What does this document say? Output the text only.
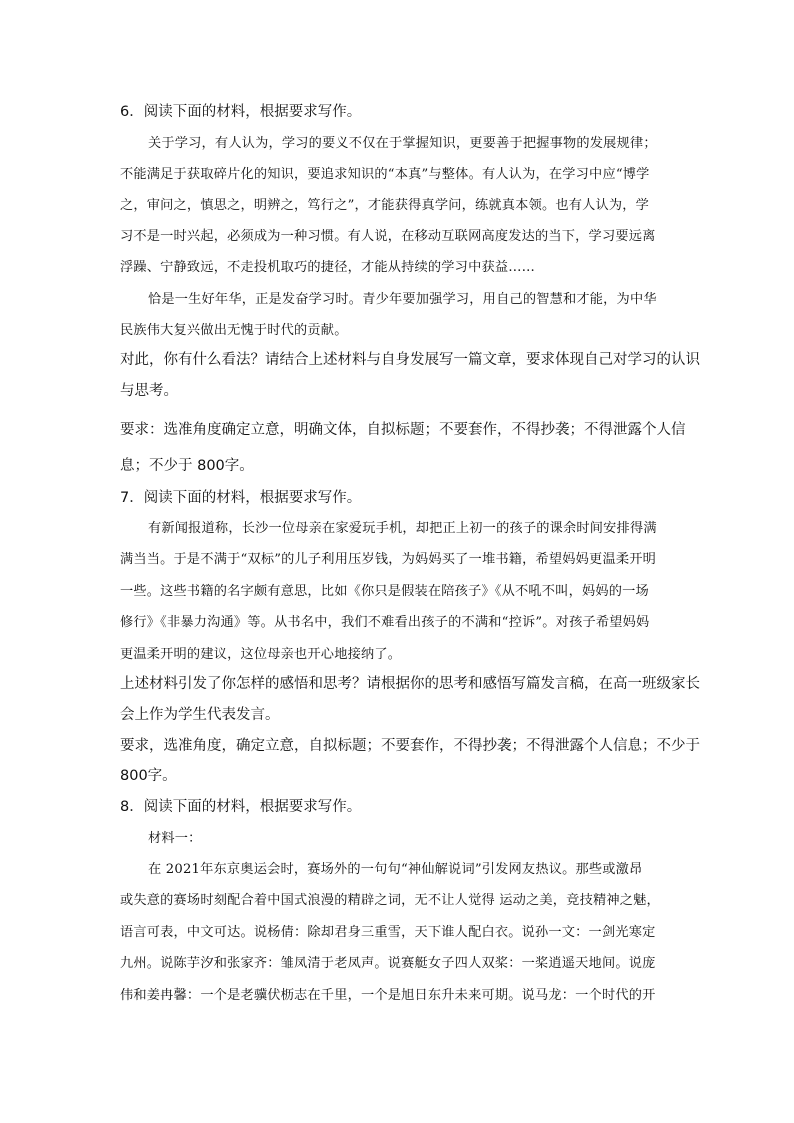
6．阅读下面的材料，根据要求写作。
关于学习，有人认为，学习的要义不仅在于掌握知识，更要善于把握事物的发展规律；
不能满足于获取碎片化的知识，要追求知识的“本真”与整体。有人认为，在学习中应“博学
之，审问之，慎思之，明辨之，笃行之”，才能获得真学问，练就真本领。也有人认为，学
习不是一时兴起，必须成为一种习惯。有人说，在移动互联网高度发达的当下，学习要远离
浮躁、宁静致远，不走投机取巧的捷径，才能从持续的学习中获益……
恰是一生好年华，正是发奋学习时。青少年要加强学习，用自己的智慧和才能，为中华
民族伟大复兴做出无愧于时代的贡献。
对此，你有什么看法？请结合上述材料与自身发展写一篇文章，要求体现自己对学习的认识
与思考。
要求：选准角度确定立意，明确文体，自拟标题；不要套作，不得抄袭；不得泄露个人信
息；不少于 800字。
7．阅读下面的材料，根据要求写作。
有新闻报道称，长沙一位母亲在家爱玩手机，却把正上初一的孩子的课余时间安排得满
满当当。于是不满于“双标”的儿子利用压岁钱，为妈妈买了一堆书籍，希望妈妈更温柔开明
一些。这些书籍的名字颇有意思，比如《你只是假装在陪孩子》《从不吼不叫，妈妈的一场
修行》《非暴力沟通》等。从书名中，我们不难看出孩子的不满和“控诉”。对孩子希望妈妈
更温柔开明的建议，这位母亲也开心地接纳了。
上述材料引发了你怎样的感悟和思考？请根据你的思考和感悟写篇发言稿，在高一班级家长
会上作为学生代表发言。
要求，选准角度，确定立意，自拟标题；不要套作，不得抄袭；不得泄露个人信息；不少于
800字。
8．阅读下面的材料，根据要求写作。
材料一：
在 2021年东京奥运会时，赛场外的一句句“神仙解说词”引发网友热议。那些或激昂
或失意的赛场时刻配合着中国式浪漫的精辟之词，无不让人觉得 运动之美，竞技精神之魅，
语言可表，中文可达。说杨倩：除却君身三重雪，天下谁人配白衣。说孙一文：一剑光寒定
九州。说陈芋汐和张家齐：雏凤清于老凤声。说赛艇女子四人双桨：一桨逍遥天地间。说庞
伟和姜冉馨：一个是老骥伏枥志在千里，一个是旭日东升未来可期。说马龙：一个时代的开
